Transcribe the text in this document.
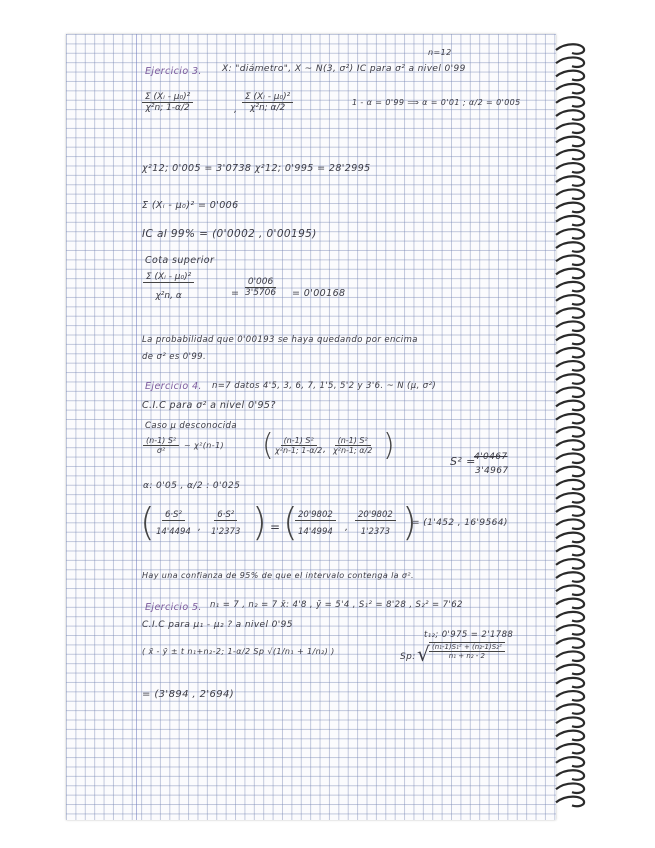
n=12
Ejercicio 3. X: "diámetro", X ~ N(3, σ²) IC para σ² a nivel 0'99
$\frac{\text{Σ (Xᵢ - μ₀)²}}{\text{χ²n; 1-α/2}}$	, $\frac{\text{Σ (Xᵢ - μ₀)²}}{\text{χ²n; α/2}}$	1 - α = 0'99 ⟹ α = 0'01 ; α/2 = 0'005
χ²12; 0'005 = 3'0738 χ²12; 0'995 = 28'2995
Σ (Xᵢ - μ₀)² = 0'006
IC al 99% = (0'0002 , 0'00195)
Cota superior
$\frac{\text{Σ (Xᵢ - μ₀)²}}{\text{χ²n, α}}$	= $\frac{0'006}{3'5706} = 0'00168$
La probabilidad que 0'00193 se haya quedando por encima
de σ² es 0'99.
Ejercicio 4. n=7 datos 4'5, 3, 6, 7, 1'5, 5'2 y 3'6. ~ N (μ, σ²)
C.I.C para σ² a nivel 0'95?
Caso μ desconocida
$\frac{\text{(n-1) S²}}{\text{σ²}}$ ~ χ²(n-1) (
$\frac{\text{(n-1) S²}}{\text{χ²n-1; 1-α/2}}$
, $\frac{\text{(n-1) S²}}{\text{χ²n-1; α/2}}$ )	S² =
4'0467
3'4967
α: 0'05 , α/2 : 0'025
(
$\frac{\text{6·S²}}{14'4494}$ , $\frac{\text{6·S²}}{1'2373}$ ) = (
$\frac{20'9802}{14'4994}$ , $\frac{20'9802}{1'2373}$ )
= (1'452 , 16'9564)
Hay una confianza de 95% de que el intervalo contenga la σ².
Ejercicio 5. n₁ = 7 , n₂ = 7 x̄: 4'8 , ȳ = 5'4 , S₁² = 8'28 , S₂² = 7'62
C.I.C para μ₁ - μ₂ ? a nivel 0'95
t₁₂; 0'975 = 2'1788
( x̄ - ȳ ± t n₁+n₂-2; 1-α/2 Sp √(1/n₁ + 1/n₂) )
Sp: √
$\frac{\text{(n₁-1)S₁² + (n₂-1)S₂²}}{\text{n₁ + n₂ - 2}}$
= (3'894 , 2'694)
